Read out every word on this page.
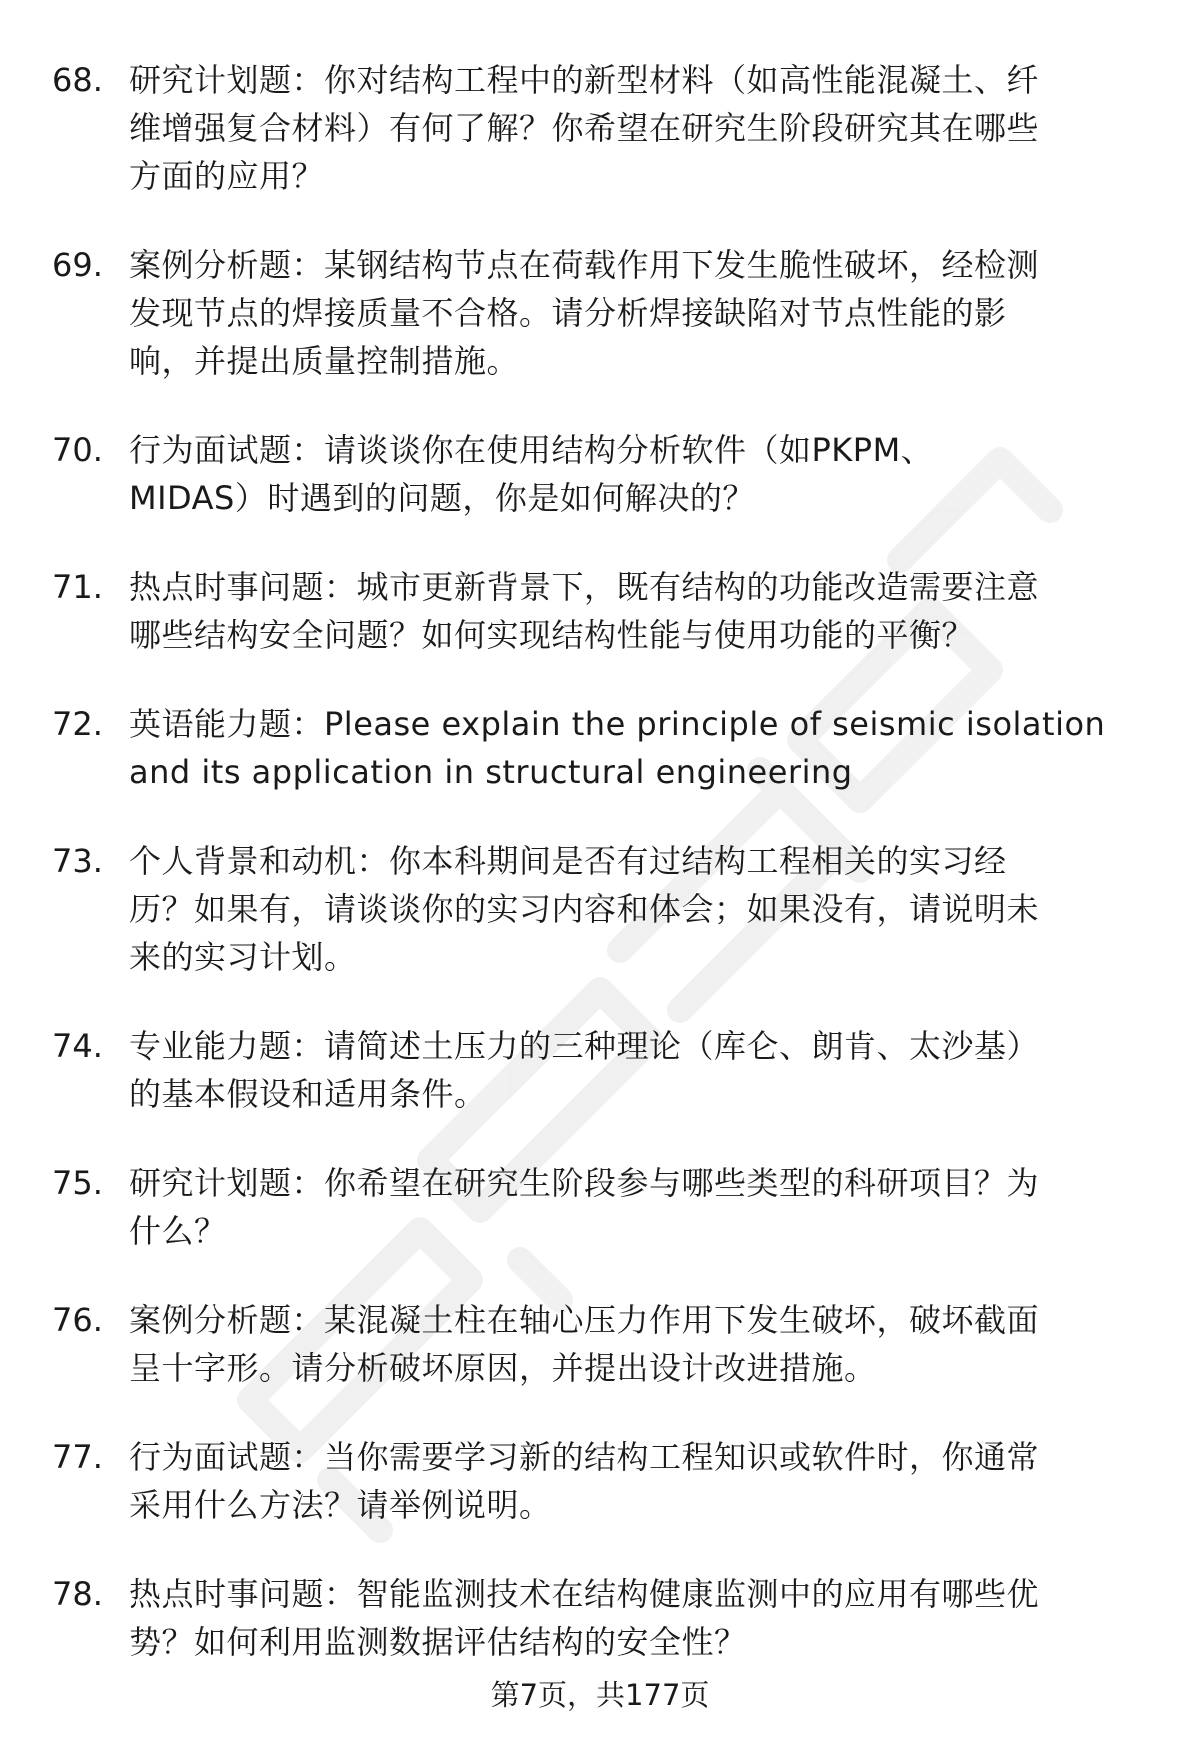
68. 研究计划题：你对结构工程中的新型材料（如高性能混凝土、纤
维增强复合材料）有何了解？你希望在研究生阶段研究其在哪些
方面的应用？
69. 案例分析题：某钢结构节点在荷载作用下发生脆性破坏，经检测
发现节点的焊接质量不合格。请分析焊接缺陷对节点性能的影
响，并提出质量控制措施。
70. 行为面试题：请谈谈你在使用结构分析软件（如PKPM、
MIDAS）时遇到的问题，你是如何解决的？
71. 热点时事问题：城市更新背景下，既有结构的功能改造需要注意
哪些结构安全问题？如何实现结构性能与使用功能的平衡？
72. 英语能力题：Please explain the principle of seismic isolation
and its application in structural engineering
73. 个人背景和动机：你本科期间是否有过结构工程相关的实习经
历？如果有，请谈谈你的实习内容和体会；如果没有，请说明未
来的实习计划。
74. 专业能力题：请简述土压力的三种理论（库仑、朗肯、太沙基）
的基本假设和适用条件。
75. 研究计划题：你希望在研究生阶段参与哪些类型的科研项目？为
什么？
76. 案例分析题：某混凝土柱在轴心压力作用下发生破坏，破坏截面
呈十字形。请分析破坏原因，并提出设计改进措施。
77. 行为面试题：当你需要学习新的结构工程知识或软件时，你通常
采用什么方法？请举例说明。
78. 热点时事问题：智能监测技术在结构健康监测中的应用有哪些优
势？如何利用监测数据评估结构的安全性？
第7页，共177页
